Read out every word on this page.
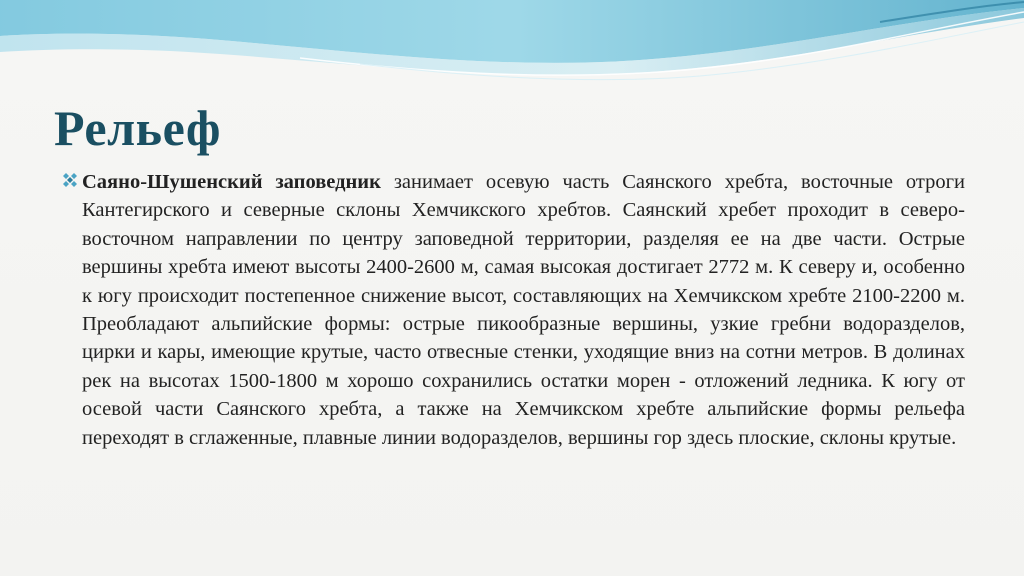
Рельеф

Саяно-Шушенский заповедник занимает осевую часть Саянского хребта, восточные отроги Кантегирского и северные склоны Хемчикского хребтов. Саянский хребет проходит в северо-восточном направлении по центру заповедной территории, разделяя ее на две части. Острые вершины хребта имеют высоты 2400-2600 м, самая высокая достигает 2772 м. К северу и, особенно к югу происходит постепенное снижение высот, составляющих на Хемчикском хребте 2100-2200 м. Преобладают альпийские формы: острые пикообразные вершины, узкие гребни водоразделов, цирки и кары, имеющие крутые, часто отвесные стенки, уходящие вниз на сотни метров. В долинах рек на высотах 1500-1800 м хорошо сохранились остатки морен - отложений ледника. К югу от осевой части Саянского хребта, а также на Хемчикском хребте альпийские формы рельефа переходят в сглаженные, плавные линии водоразделов, вершины гор здесь плоские, склоны крутые.
